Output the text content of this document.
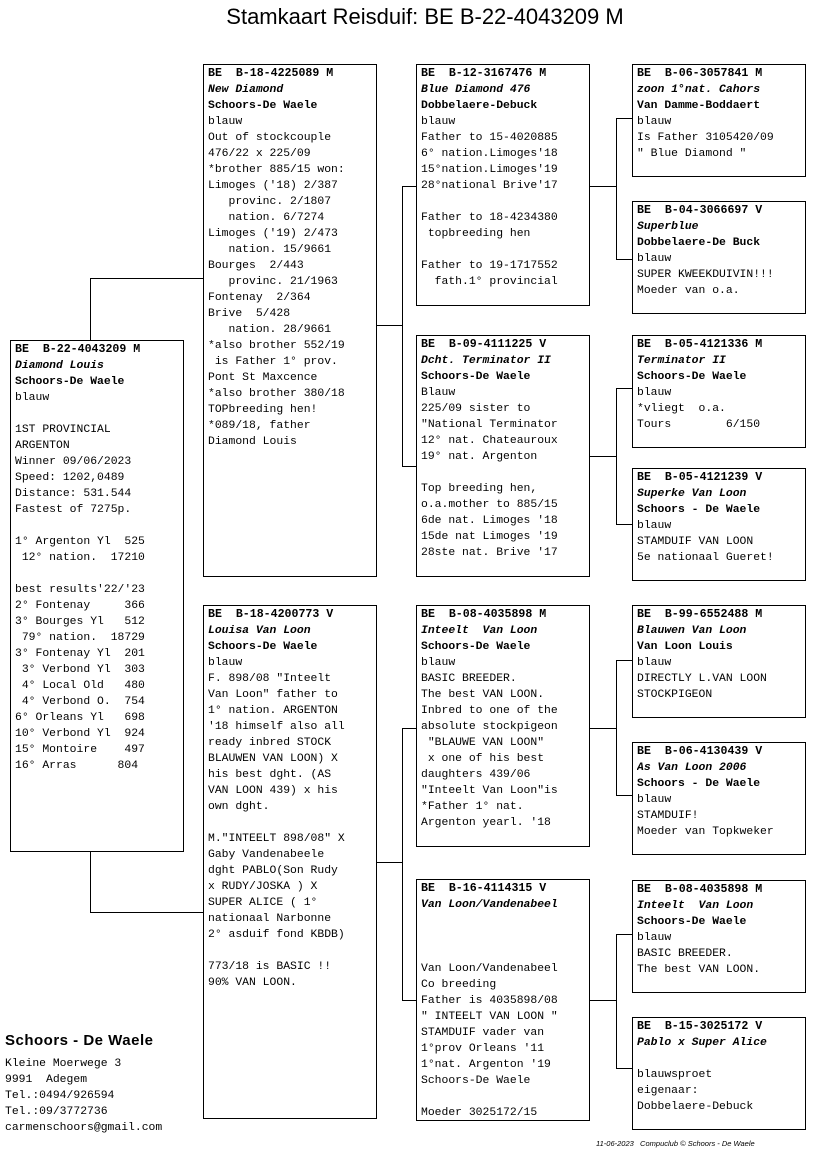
Stamkaart Reisduif: BE B-22-4043209 M
BE  B-22-4043209 M
Diamond Louis
Schoors-De Waele
blauw

1ST PROVINCIAL
ARGENTON
Winner 09/06/2023
Speed: 1202,0489
Distance: 531.544
Fastest of 7275p.

1° Argenton Yl  525
12° nation.  17210

best results'22/'23
2° Fontenay     366
3° Bourges Yl   512
79° nation.  18729
3° Fontenay Yl  201
3° Verbond Yl  303
4° Local Old   480
4° Verbond O.  754
6° Orleans Yl   698
10° Verbond Yl  924
15° Montoire    497
16° Arras      804
BE  B-18-4225089 M
New Diamond
Schoors-De Waele
blauw
Out of stockcouple
476/22 x 225/09
*brother 885/15 won:
Limoges ('18) 2/387
provinc. 2/1807
nation. 6/7274
Limoges ('19) 2/473
nation. 15/9661
Bourges  2/443
provinc. 21/1963
Fontenay  2/364
Brive  5/428
nation. 28/9661
*also brother 552/19
is Father 1° prov.
Pont St Maxcence
*also brother 380/18
TOPbreeding hen!
*089/18, father
Diamond Louis
BE  B-18-4200773 V
Louisa Van Loon
Schoors-De Waele
blauw
F. 898/08 "Inteelt
Van Loon" father to
1° nation. ARGENTON
'18 himself also all
ready inbred STOCK
BLAUWEN VAN LOON) X
his best dght. (AS
VAN LOON 439) x his
own dght.

M."INTEELT 898/08" X
Gaby Vandenabeele
dght PABLO(Son Rudy
x RUDY/JOSKA ) X
SUPER ALICE ( 1°
nationaal Narbonne
2° asduif fond KBDB)

773/18 is BASIC !!
90% VAN LOON.
BE  B-12-3167476 M
Blue Diamond 476
Dobbelaere-Debuck
blauw
Father to 15-4020885
6° nation.Limoges'18
15°nation.Limoges'19
28°national Brive'17

Father to 18-4234380
topbreeding hen

Father to 19-1717552
fath.1° provincial
BE  B-09-4111225 V
Dcht. Terminator II
Schoors-De Waele
Blauw
225/09 sister to
"National Terminator
12° nat. Chateauroux
19° nat. Argenton

Top breeding hen,
o.a.mother to 885/15
6de nat. Limoges '18
15de nat Limoges '19
28ste nat. Brive '17
BE  B-08-4035898 M
Inteelt  Van Loon
Schoors-De Waele
blauw
BASIC BREEDER.
The best VAN LOON.
Inbred to one of the
absolute stockpigeon
"BLAUWE VAN LOON"
x one of his best
daughters 439/06
"Inteelt Van Loon"is
*Father 1° nat.
Argenton yearl. '18
BE  B-16-4114315 V
Van Loon/Vandenabeel

Van Loon/Vandenabeel
Co breeding
Father is 4035898/08
" INTEELT VAN LOON "
STAMDUIF vader van
1°prov Orleans '11
1°nat. Argenton '19
Schoors-De Waele

Moeder 3025172/15
BE  B-06-3057841 M
zoon 1°nat. Cahors
Van Damme-Boddaert
blauw
Is Father 3105420/09
" Blue Diamond "
BE  B-04-3066697 V
Superblue
Dobbelaere-De Buck
blauw
SUPER KWEEKDUIVIN!!!
Moeder van o.a.
BE  B-05-4121336 M
Terminator II
Schoors-De Waele
blauw
*vliegt  o.a.
Tours        6/150
BE  B-05-4121239 V
Superke Van Loon
Schoors - De Waele
blauw
STAMDUIF VAN LOON
5e nationaal Gueret!
BE  B-99-6552488 M
Blauwen Van Loon
Van Loon Louis
blauw
DIRECTLY L.VAN LOON
STOCKPIGEON
BE  B-06-4130439 V
As Van Loon 2006
Schoors - De Waele
blauw
STAMDUIF!
Moeder van Topkweker
BE  B-08-4035898 M
Inteelt  Van Loon
Schoors-De Waele
blauw
BASIC BREEDER.
The best VAN LOON.
BE  B-15-3025172 V
Pablo x Super Alice

blauwsproet
eigenaar:
Dobbelaere-Debuck
Schoors - De Waele
Kleine Moerwege 3
9991  Adegem
Tel.:0494/926594
Tel.:09/3772736
carmenschoors@gmail.com
11-06-2023   Compuclub © Schoors - De Waele
